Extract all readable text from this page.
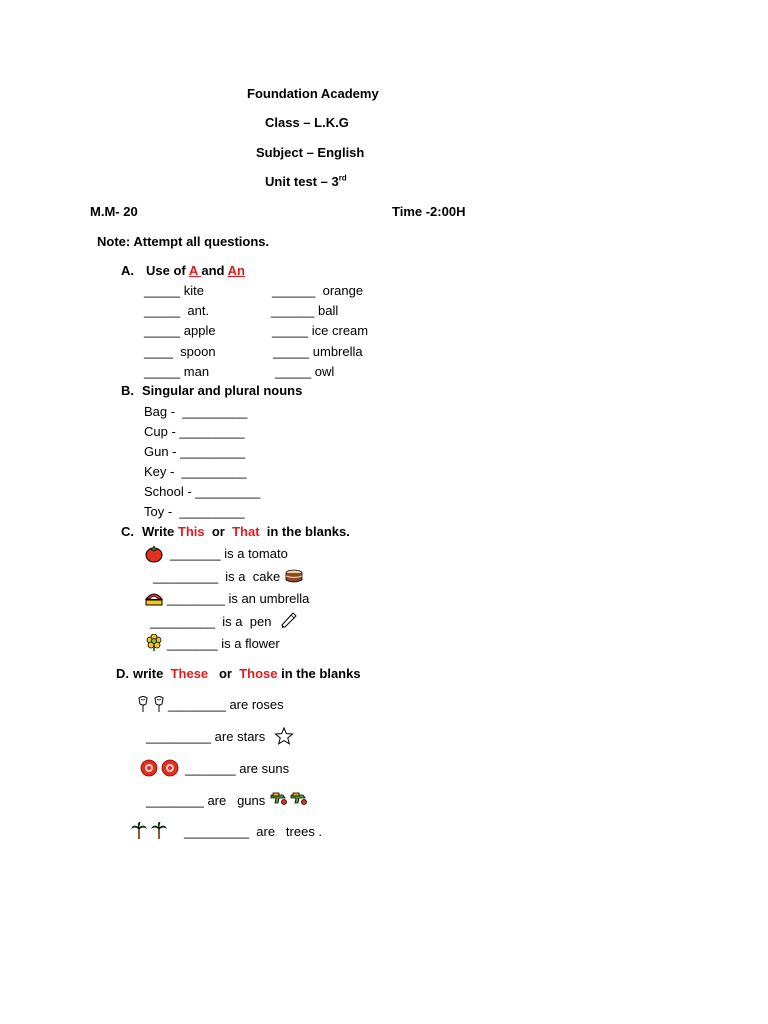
Foundation Academy
Class – L.K.G
Subject – English
Unit test – 3rd
M.M- 20	Time -2:00H
Note: Attempt all questions.
A. Use of A and An
_____ kite
_____  ant.
_____ apple
____  spoon
_____ man
______  orange
______ ball
_____ ice cream
_____ umbrella
_____ owl
B. Singular and plural nouns
Bag -  _________
Cup - _________
Gun - _________
Key -  _________
School - _________
Toy -  _________
C. Write This  or  That  in the blanks.
_______ is a tomato
_________  is a  cake
________ is an umbrella
_________  is a  pen
_______ is a flower
D. write  These   or  Those in the blanks
________ are roses
_________ are stars
_______ are suns
________ are   guns
_________  are   trees .
